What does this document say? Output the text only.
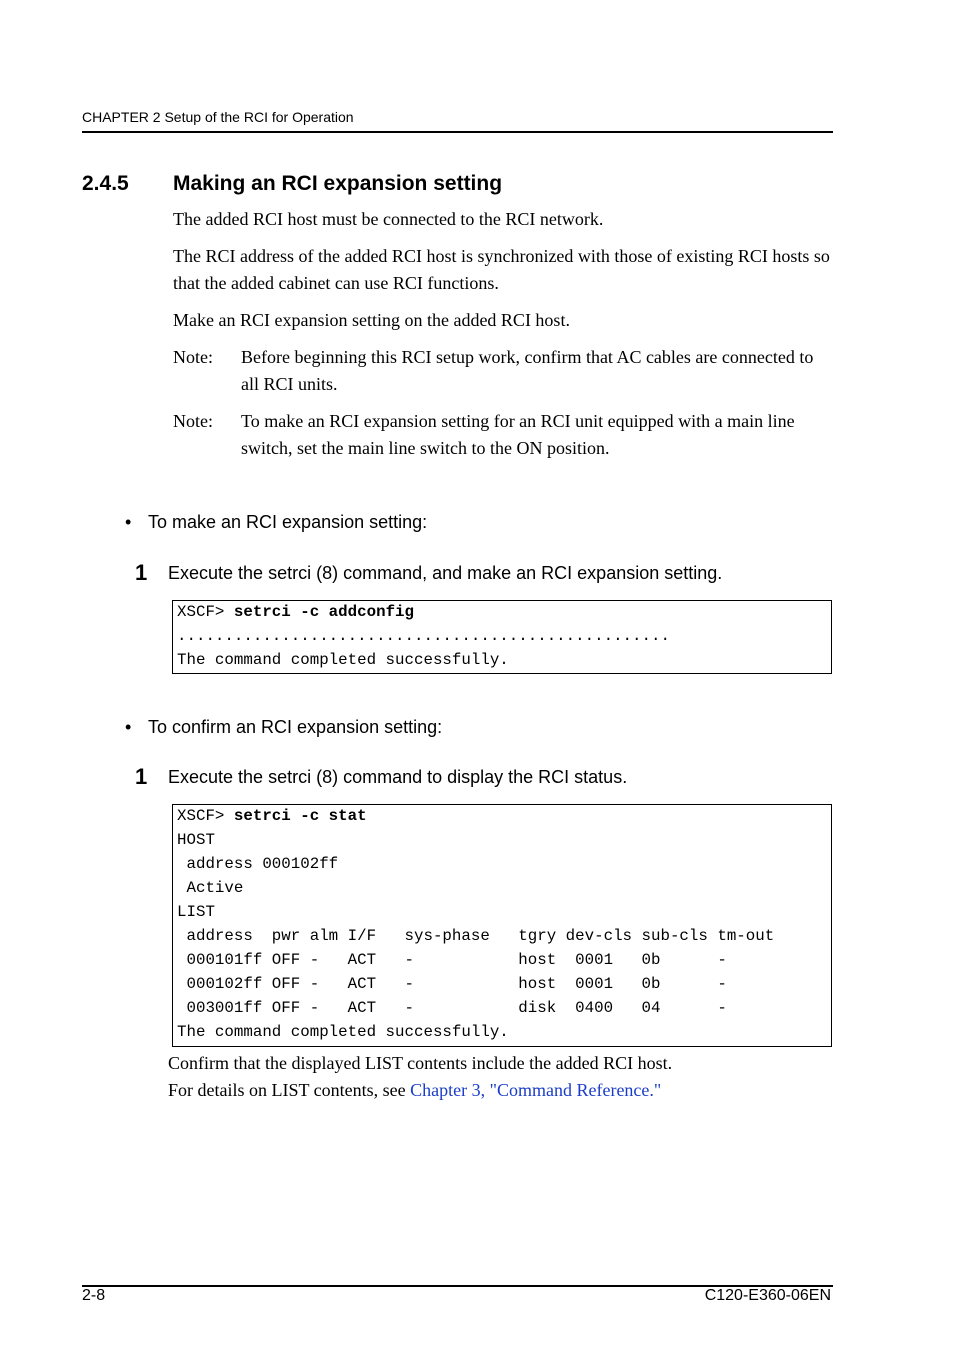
CHAPTER 2 Setup of the RCI for Operation
2.4.5 Making an RCI expansion setting
The added RCI host must be connected to the RCI network.
The RCI address of the added RCI host is synchronized with those of existing RCI hosts so that the added cabinet can use RCI functions.
Make an RCI expansion setting on the added RCI host.
Note: Before beginning this RCI setup work, confirm that AC cables are connected to all RCI units.
Note: To make an RCI expansion setting for an RCI unit equipped with a main line switch, set the main line switch to the ON position.
• To make an RCI expansion setting:
1 Execute the setrci (8) command, and make an RCI expansion setting.
XSCF> setrci -c addconfig
....................................................
The command completed successfully.
• To confirm an RCI expansion setting:
1 Execute the setrci (8) command to display the RCI status.
XSCF> setrci -c stat
HOST
address 000102ff
Active
LIST
address  pwr alm I/F   sys-phase   tgry dev-cls sub-cls tm-out
000101ff OFF -   ACT   -           host  0001   0b      -
000102ff OFF -   ACT   -           host  0001   0b      -
003001ff OFF -   ACT   -           disk  0400   04      -
The command completed successfully.
Confirm that the displayed LIST contents include the added RCI host.
For details on LIST contents, see Chapter 3, "Command Reference."
2-8	C120-E360-06EN
